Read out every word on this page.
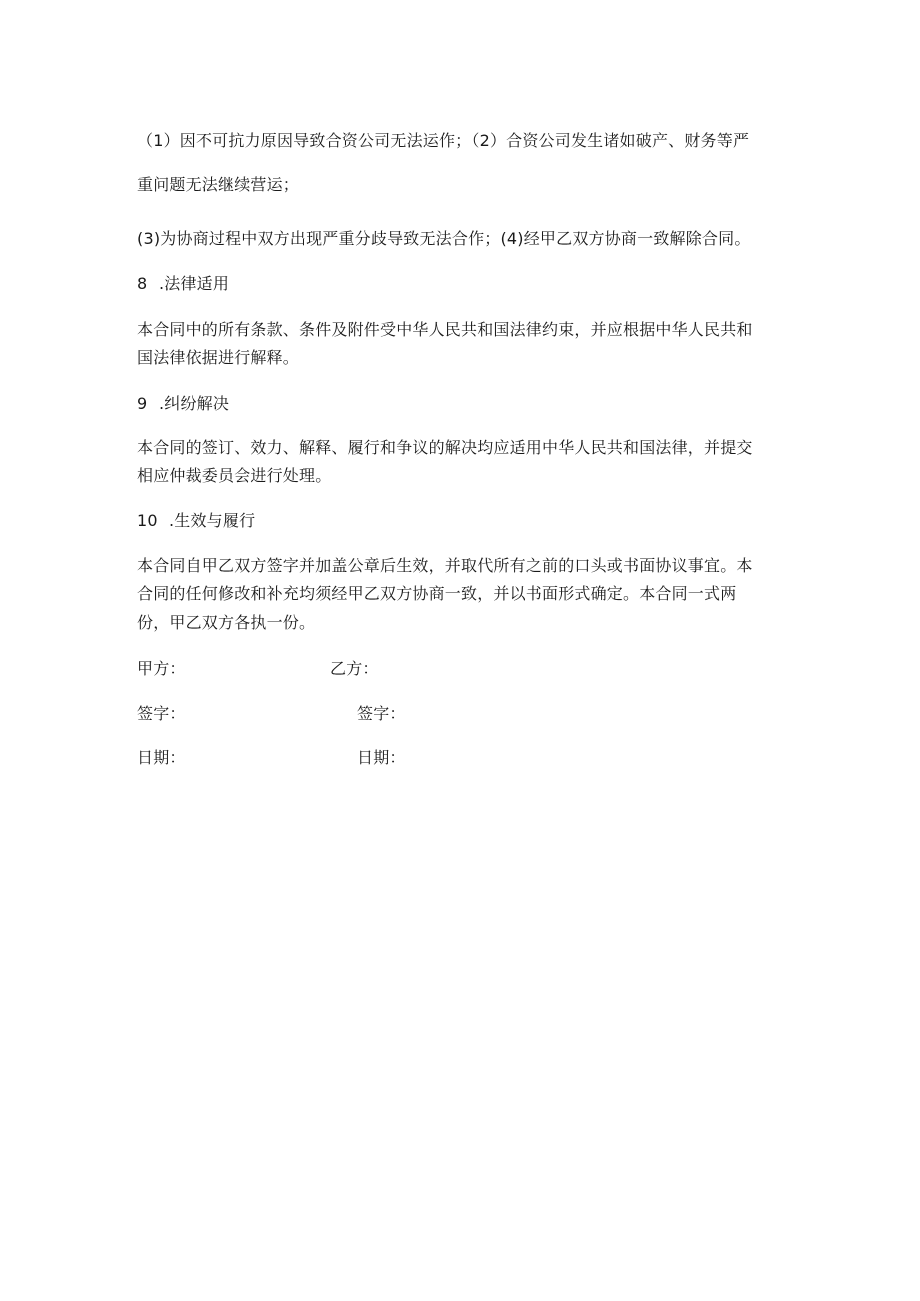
（1）因不可抗力原因导致合资公司无法运作；（2）合资公司发生诸如破产、财务等严
重问题无法继续营运；
(3)为协商过程中双方出现严重分歧导致无法合作；(4)经甲乙双方协商一致解除合同。
8 .法律适用
本合同中的所有条款、条件及附件受中华人民共和国法律约束，并应根据中华人民共和
国法律依据进行解释。
9 .纠纷解决
本合同的签订、效力、解释、履行和争议的解决均应适用中华人民共和国法律，并提交
相应仲裁委员会进行处理。
10 .生效与履行
本合同自甲乙双方签字并加盖公章后生效，并取代所有之前的口头或书面协议事宜。本
合同的任何修改和补充均须经甲乙双方协商一致，并以书面形式确定。本合同一式两
份，甲乙双方各执一份。
甲方：	乙方：
签字：	签字：
日期：	日期：
